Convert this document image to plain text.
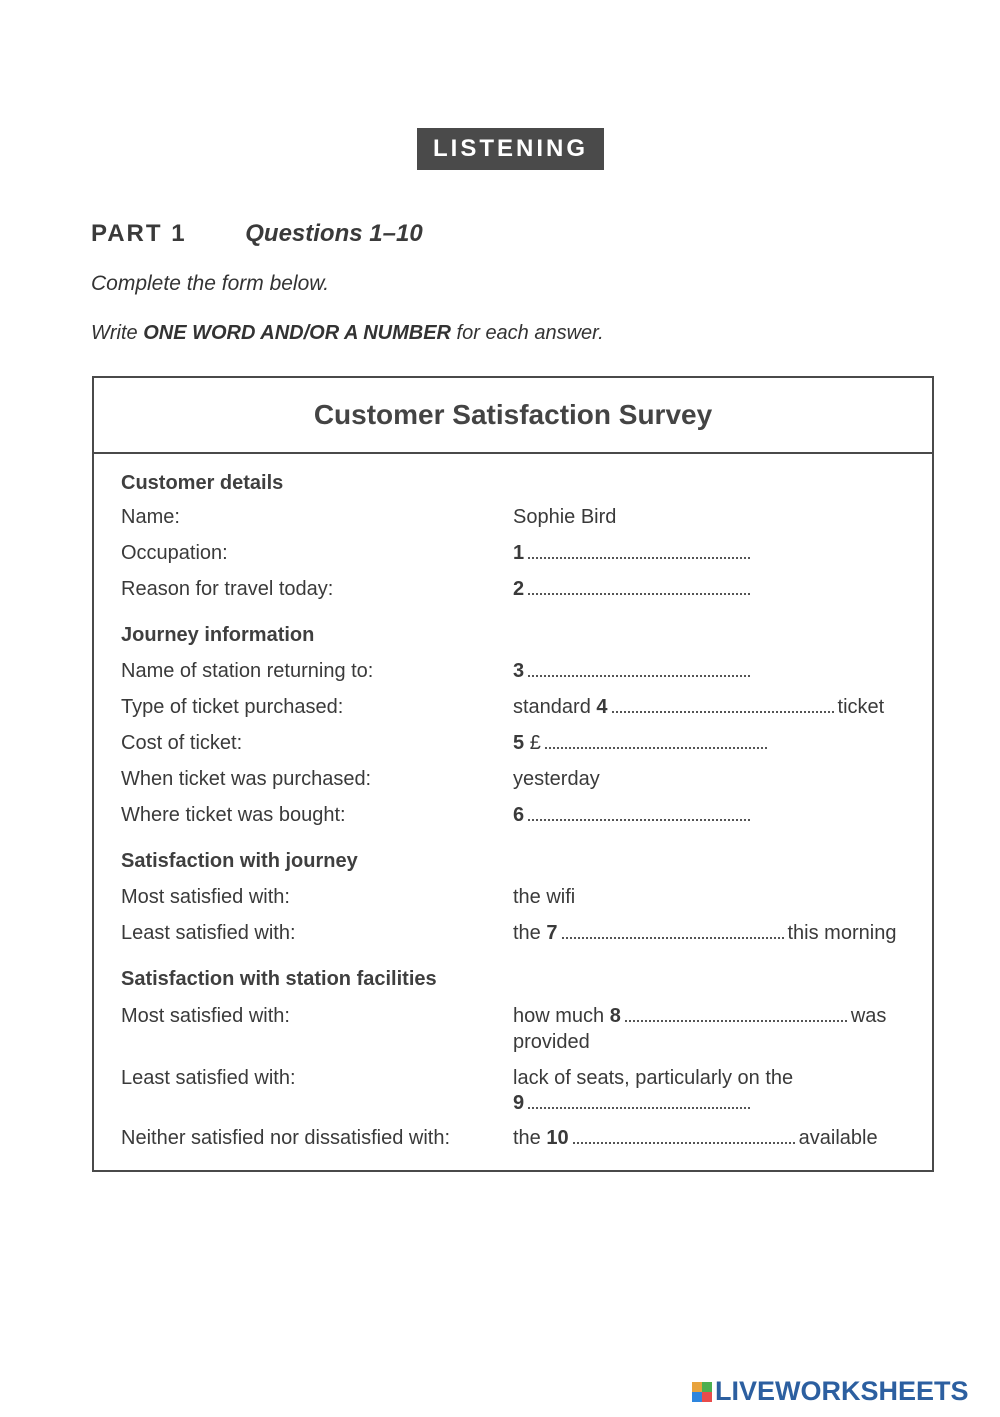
LISTENING
PART 1 Questions 1–10
Complete the form below.
Write ONE WORD AND/OR A NUMBER for each answer.
Customer Satisfaction Survey
Customer details
Name:	Sophie Bird
Occupation:	1
Reason for travel today:	2
Journey information
Name of station returning to:	3
Type of ticket purchased:	standard 4	ticket
Cost of ticket:	5 £
When ticket was purchased:	yesterday
Where ticket was bought:	6
Satisfaction with journey
Most satisfied with:	the wifi
Least satisfied with:	the 7	this morning
Satisfaction with station facilities
Most satisfied with:	how much 8	was
provided
Least satisfied with:	lack of seats, particularly on the
9
Neither satisfied nor dissatisfied with:	the 10	available
LIVEWORKSHEETS
